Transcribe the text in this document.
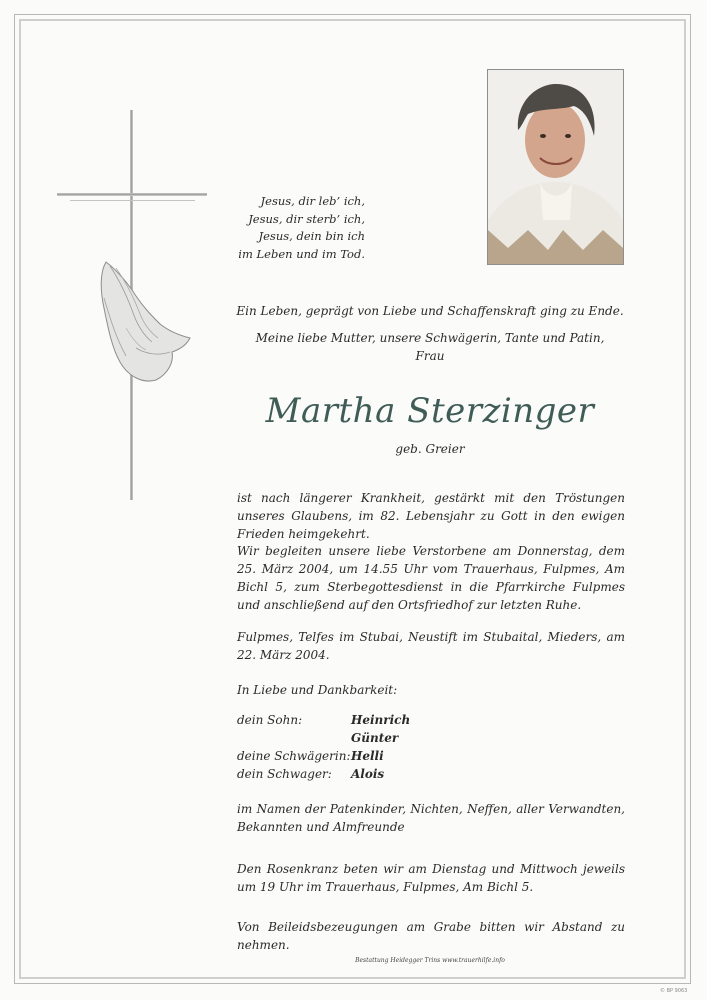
Jesus, dir leb’ ich,
Jesus, dir sterb’ ich,
Jesus, dein bin ich
im Leben und im Tod.
Ein Leben, geprägt von Liebe und Schaffenskraft ging zu Ende.
Meine liebe Mutter, unsere Schwägerin, Tante und Patin,
Frau
Martha Sterzinger
geb. Greier
ist nach längerer Krankheit, gestärkt mit den Tröstungen unseres Glaubens, im 82. Lebensjahr zu Gott in den ewigen Frieden heimgekehrt.
Wir begleiten unsere liebe Verstorbene am Donnerstag, dem 25. März 2004, um 14.55 Uhr vom Trauerhaus, Fulpmes, Am Bichl 5, zum Sterbegottesdienst in die Pfarrkirche Fulpmes und anschließend auf den Ortsfriedhof zur letzten Ruhe.
Fulpmes, Telfes im Stubai, Neustift im Stubaital, Mieders, am 22. März 2004.
In Liebe und Dankbarkeit:
dein Sohn:	Heinrich
Günter
deine Schwägerin: Helli
dein Schwager: Alois
im Namen der Patenkinder, Nichten, Neffen, aller Verwandten, Bekannten und Almfreunde
Den Rosenkranz beten wir am Dienstag und Mittwoch jeweils um 19 Uhr im Trauerhaus, Fulpmes, Am Bichl 5.
Von Beileidsbezeugungen am Grabe bitten wir Abstand zu nehmen.
Bestattung Heidegger Trins www.trauerhilfe.info
© BP 9063
